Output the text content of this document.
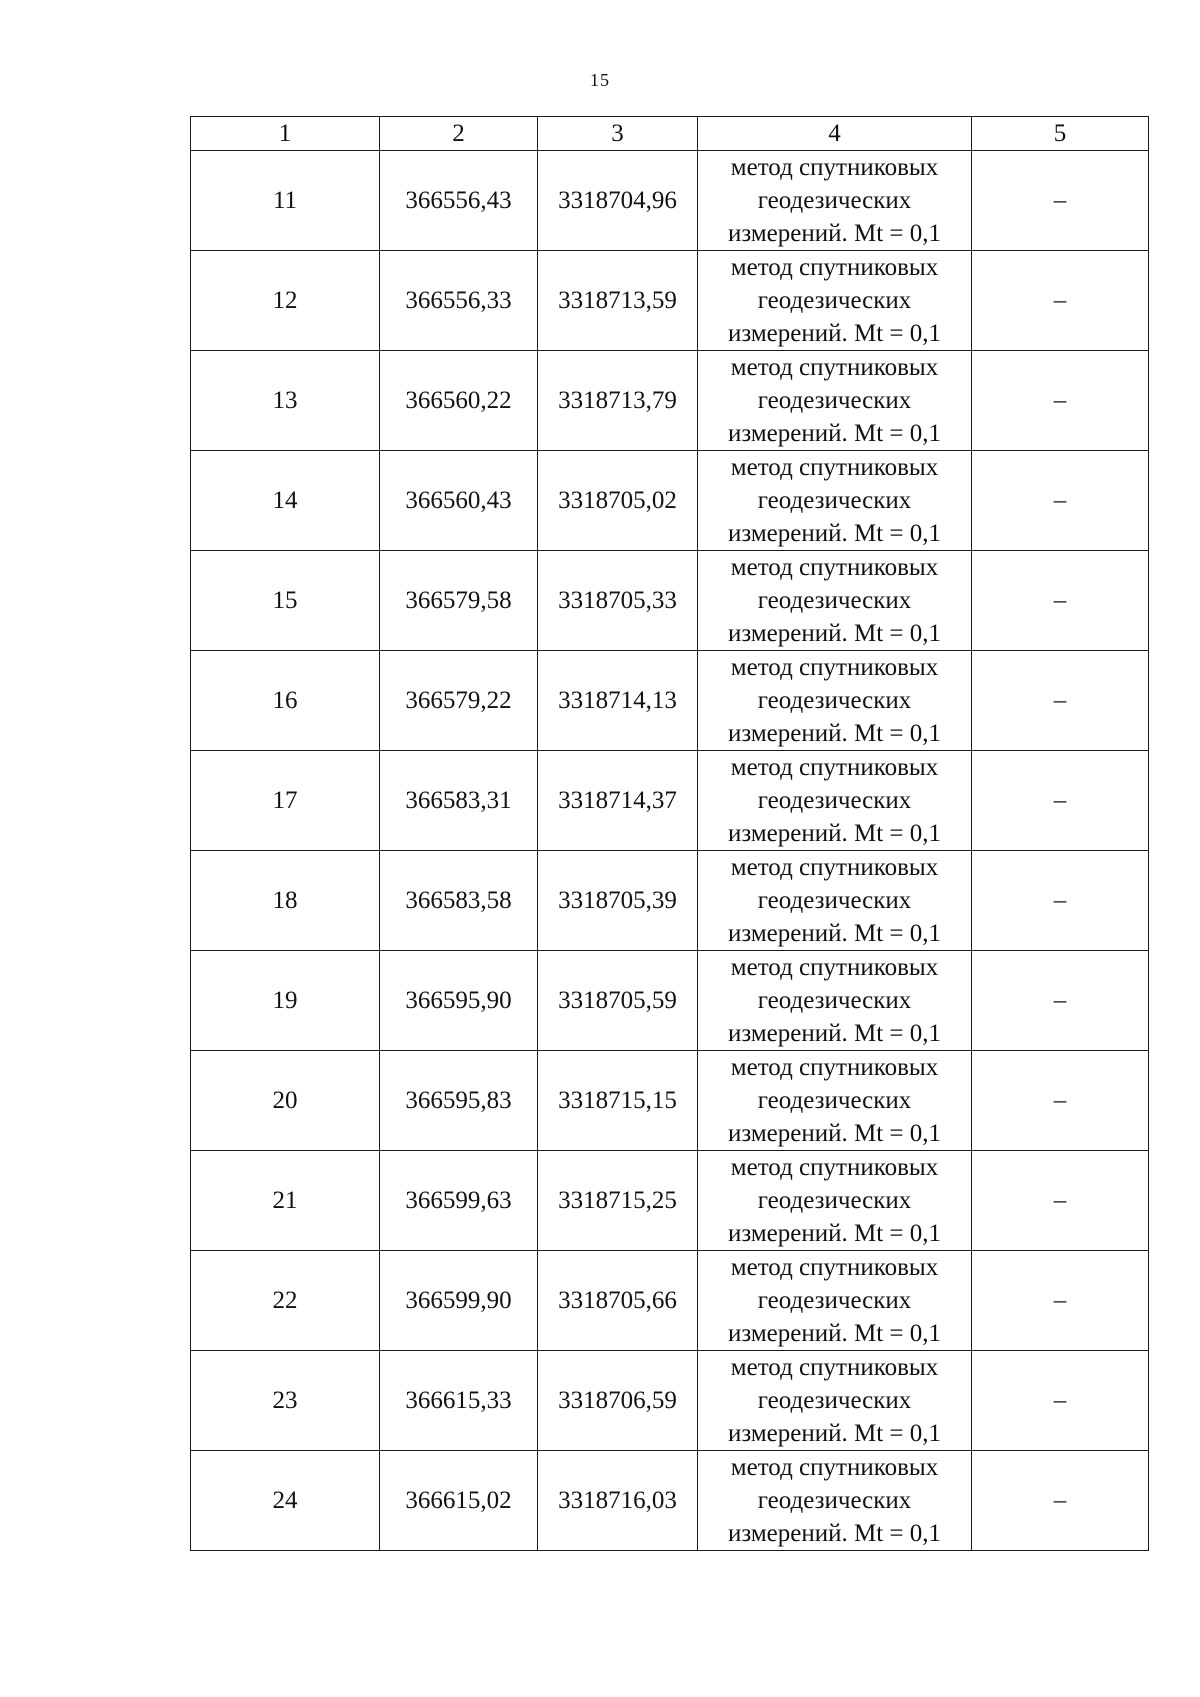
15
1	2	3	4	5
11	366556,43	3318704,96	метод спутниковых
геодезических
измерений. Mt = 0,1	–
12	366556,33	3318713,59	метод спутниковых
геодезических
измерений. Mt = 0,1	–
13	366560,22	3318713,79	метод спутниковых
геодезических
измерений. Mt = 0,1	–
14	366560,43	3318705,02	метод спутниковых
геодезических
измерений. Mt = 0,1	–
15	366579,58	3318705,33	метод спутниковых
геодезических
измерений. Mt = 0,1	–
16	366579,22	3318714,13	метод спутниковых
геодезических
измерений. Mt = 0,1	–
17	366583,31	3318714,37	метод спутниковых
геодезических
измерений. Mt = 0,1	–
18	366583,58	3318705,39	метод спутниковых
геодезических
измерений. Mt = 0,1	–
19	366595,90	3318705,59	метод спутниковых
геодезических
измерений. Mt = 0,1	–
20	366595,83	3318715,15	метод спутниковых
геодезических
измерений. Mt = 0,1	–
21	366599,63	3318715,25	метод спутниковых
геодезических
измерений. Mt = 0,1	–
22	366599,90	3318705,66	метод спутниковых
геодезических
измерений. Mt = 0,1	–
23	366615,33	3318706,59	метод спутниковых
геодезических
измерений. Mt = 0,1	–
24	366615,02	3318716,03	метод спутниковых
геодезических
измерений. Mt = 0,1	–
